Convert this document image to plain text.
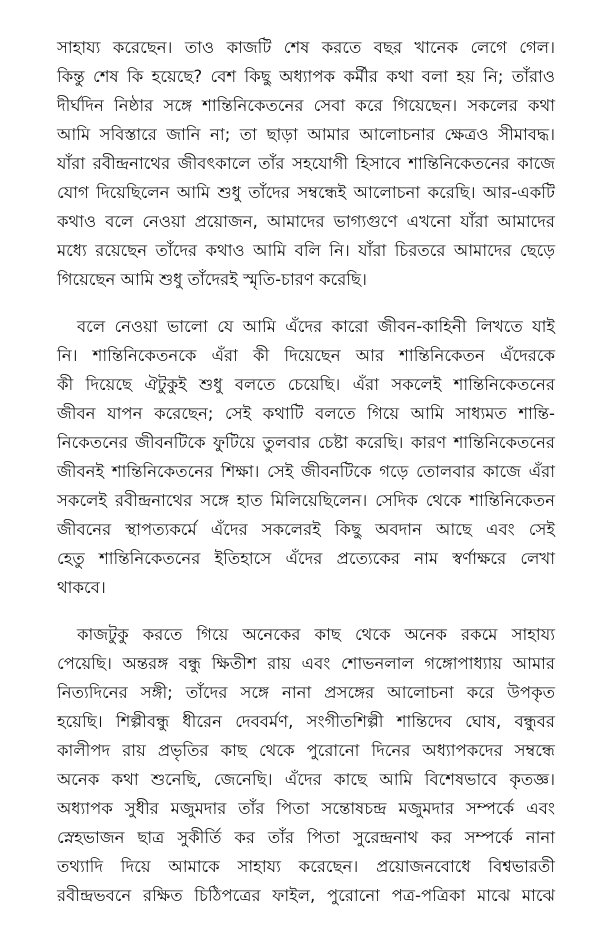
সাহায্য করেছেন। তাও কাজটি শেষ করতে বছর খানেক লেগে গেল।
কিন্তু শেষ কি হয়েছে? বেশ কিছু অধ্যাপক কর্মীর কথা বলা হয় নি; তাঁরাও
দীর্ঘদিন নিষ্ঠার সঙ্গে শান্তিনিকেতনের সেবা করে গিয়েছেন। সকলের কথা
আমি সবিস্তারে জানি না; তা ছাড়া আমার আলোচনার ক্ষেত্রও সীমাবদ্ধ।
যাঁরা রবীন্দ্রনাথের জীবৎকালে তাঁর সহযোগী হিসাবে শান্তিনিকেতনের কাজে
যোগ দিয়েছিলেন আমি শুধু তাঁদের সম্বন্ধেই আলোচনা করেছি। আর-একটি
কথাও বলে নেওয়া প্রয়োজন, আমাদের ভাগ্যগুণে এখনো যাঁরা আমাদের
মধ্যে রয়েছেন তাঁদের কথাও আমি বলি নি। যাঁরা চিরতরে আমাদের ছেড়ে
গিয়েছেন আমি শুধু তাঁদেরই স্মৃতি-চারণ করেছি।
বলে নেওয়া ভালো যে আমি এঁদের কারো জীবন-কাহিনী লিখতে যাই
নি। শান্তিনিকেতনকে এঁরা কী দিয়েছেন আর শান্তিনিকেতন এঁদেরকে
কী দিয়েছে ঐটুকুই শুধু বলতে চেয়েছি। এঁরা সকলেই শান্তিনিকেতনের
জীবন যাপন করেছেন; সেই কথাটি বলতে গিয়ে আমি সাধ্যমত শান্তি-
নিকেতনের জীবনটিকে ফুটিয়ে তুলবার চেষ্টা করেছি। কারণ শান্তিনিকেতনের
জীবনই শান্তিনিকেতনের শিক্ষা। সেই জীবনটিকে গড়ে তোলবার কাজে এঁরা
সকলেই রবীন্দ্রনাথের সঙ্গে হাত মিলিয়েছিলেন। সেদিক থেকে শান্তিনিকেতন
জীবনের স্থাপত্যকর্মে এঁদের সকলেরই কিছু অবদান আছে এবং সেই
হেতু শান্তিনিকেতনের ইতিহাসে এঁদের প্রত্যেকের নাম স্বর্ণাক্ষরে লেখা
থাকবে।
কাজটুকু করতে গিয়ে অনেকের কাছ থেকে অনেক রকমে সাহায্য
পেয়েছি। অন্তরঙ্গ বন্ধু ক্ষিতীশ রায় এবং শোভনলাল গঙ্গোপাধ্যায় আমার
নিত্যদিনের সঙ্গী; তাঁদের সঙ্গে নানা প্রসঙ্গের আলোচনা করে উপকৃত
হয়েছি। শিল্পীবন্ধু ধীরেন দেববর্মণ, সংগীতশিল্পী শান্তিদেব ঘোষ, বন্ধুবর
কালীপদ রায় প্রভৃতির কাছ থেকে পুরোনো দিনের অধ্যাপকদের সম্বন্ধে
অনেক কথা শুনেছি, জেনেছি। এঁদের কাছে আমি বিশেষভাবে কৃতজ্ঞ।
অধ্যাপক সুধীর মজুমদার তাঁর পিতা সন্তোষচন্দ্র মজুমদার সম্পর্কে এবং
স্নেহভাজন ছাত্র সুকীর্তি কর তাঁর পিতা সুরেন্দ্রনাথ কর সম্পর্কে নানা
তথ্যাদি দিয়ে আমাকে সাহায্য করেছেন। প্রয়োজনবোধে বিশ্বভারতী
রবীন্দ্রভবনে রক্ষিত চিঠিপত্রের ফাইল, পুরোনো পত্র-পত্রিকা মাঝে মাঝে
